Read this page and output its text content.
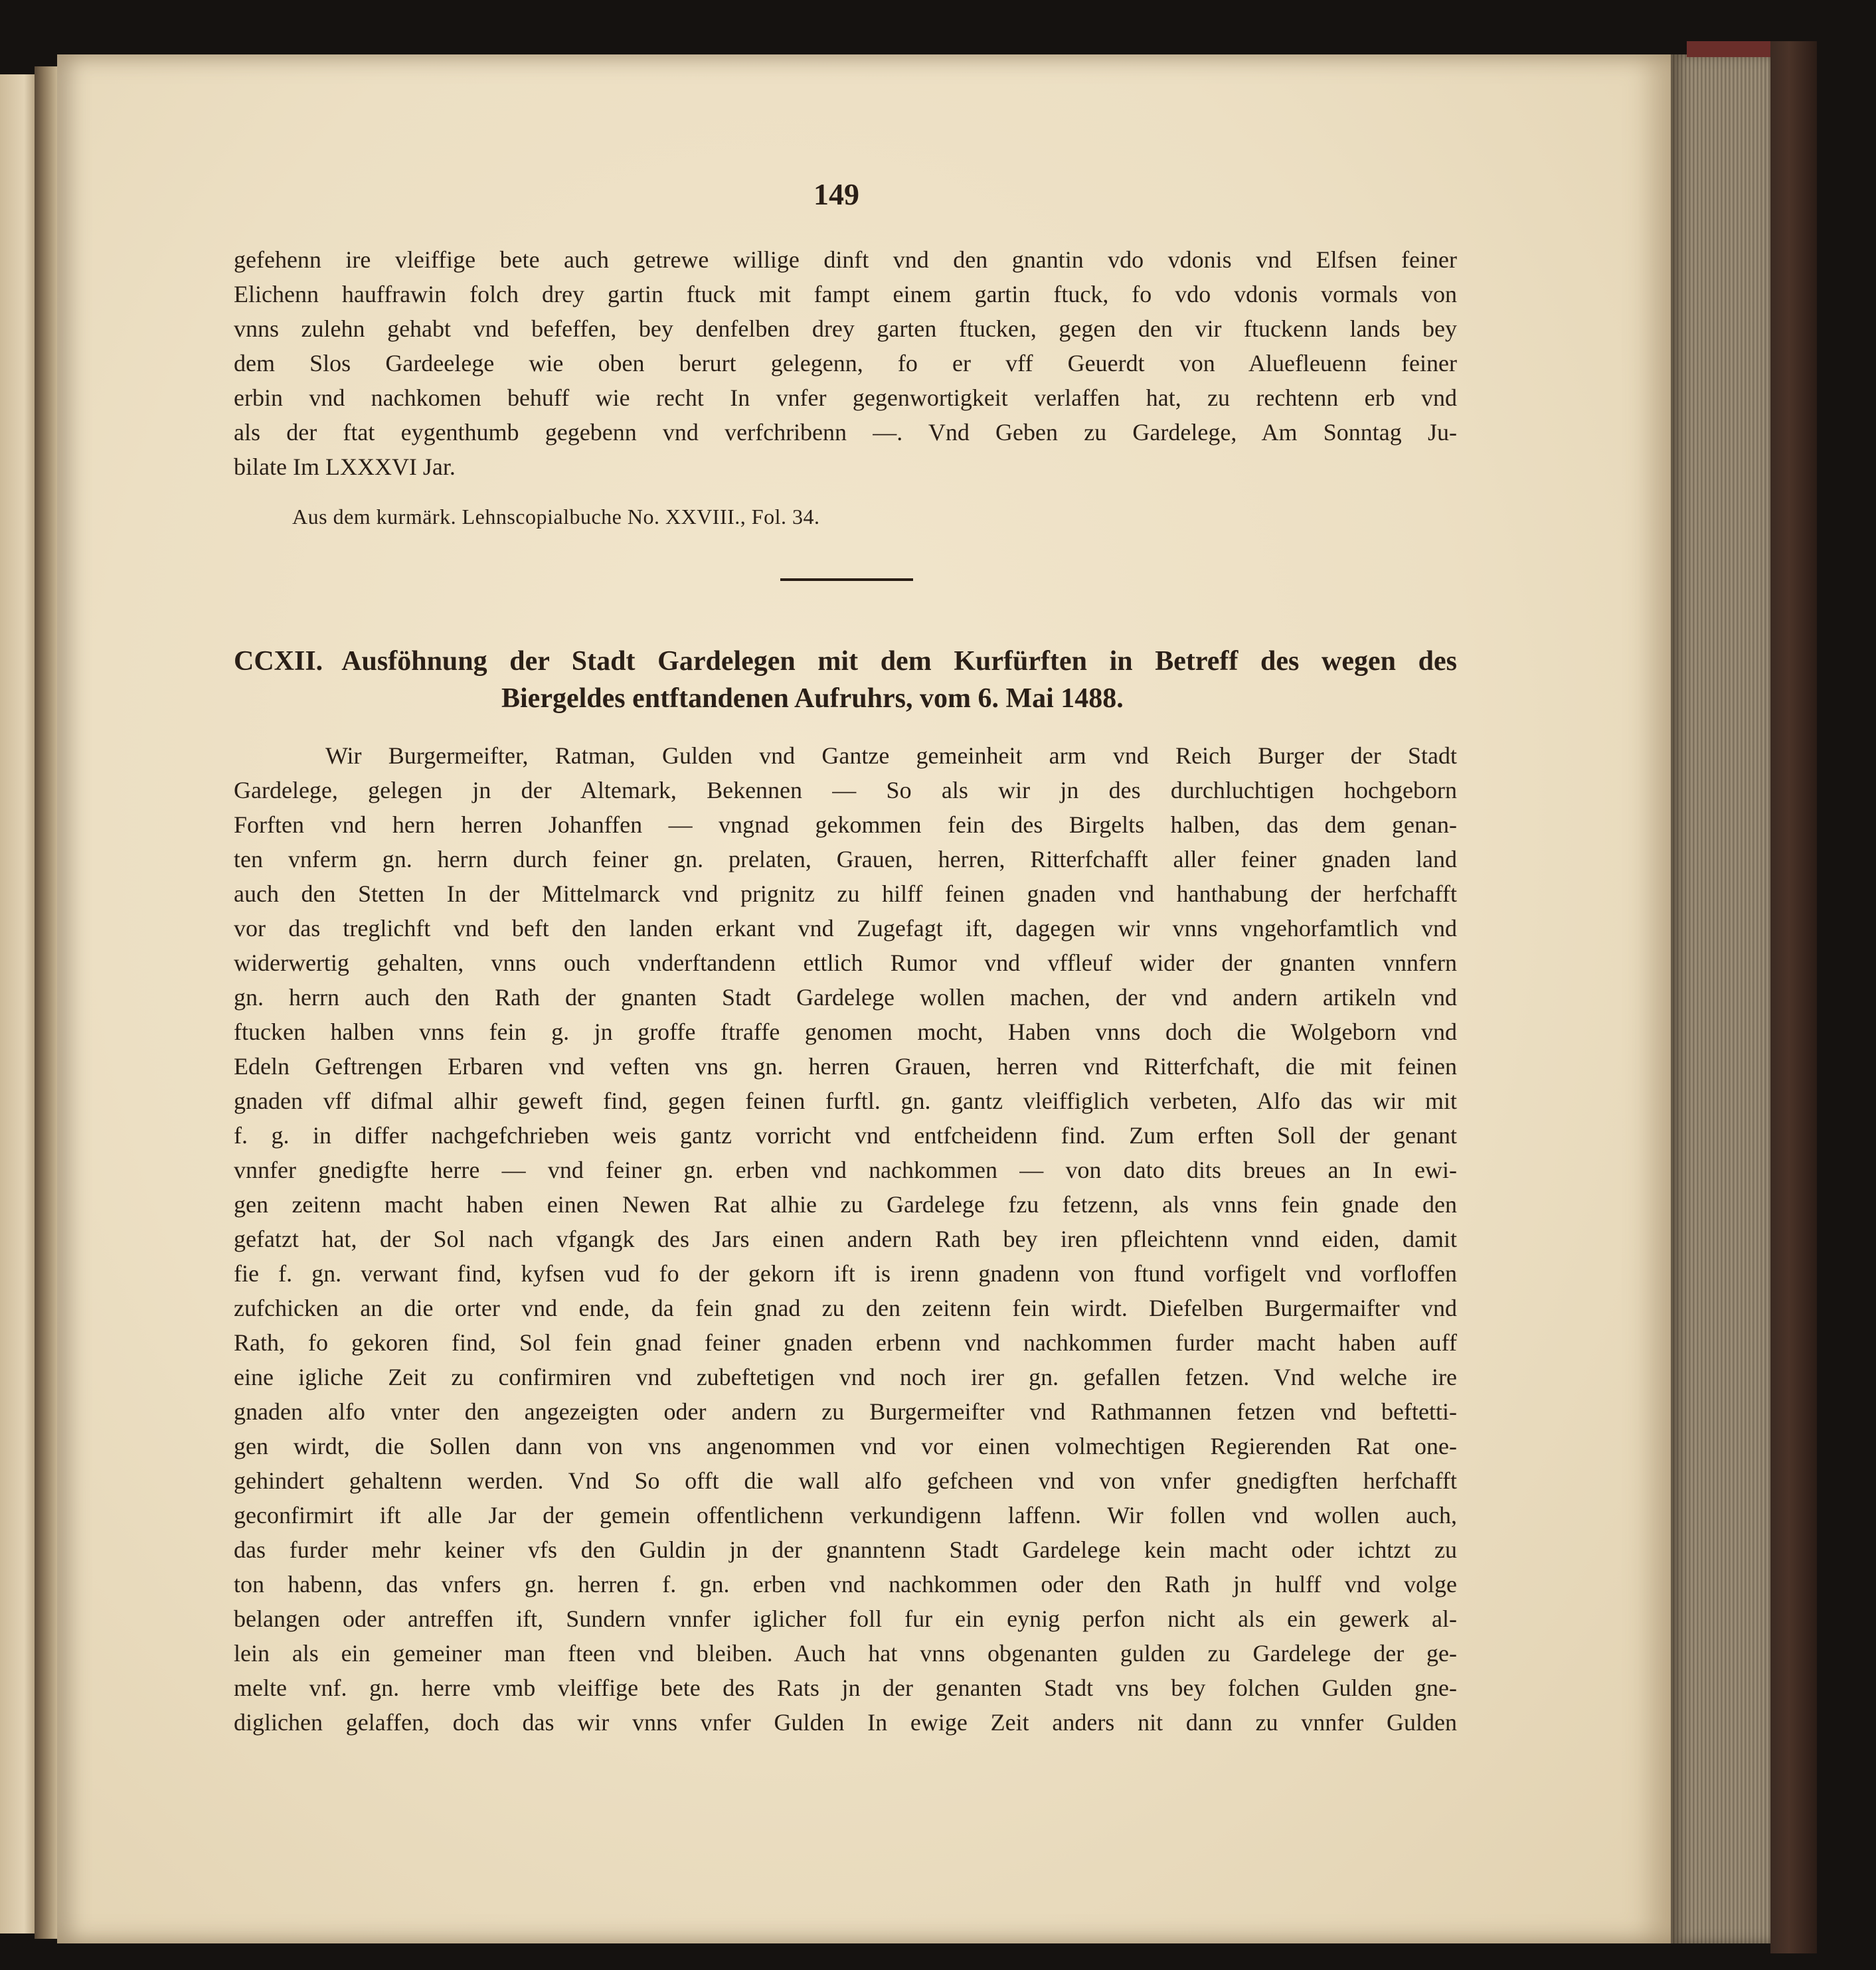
149

gefehenn ire vleiffige bete auch getrewe willige dinft vnd den gnantin vdo vdonis vnd Elfsen feiner

Elichenn hauffrawin folch drey gartin ftuck mit fampt einem gartin ftuck, fo vdo vdonis vormals von

vnns zulehn gehabt vnd befeffen, bey denfelben drey garten ftucken, gegen den vir ftuckenn lands bey

dem Slos Gardeelege wie oben berurt gelegenn, fo er vff Geuerdt von Aluefleuenn feiner

erbin vnd nachkomen behuff wie recht In vnfer gegenwortigkeit verlaffen hat, zu rechtenn erb vnd

als der ftat eygenthumb gegebenn vnd verfchribenn —. Vnd Geben zu Gardelege, Am Sonntag Ju-

bilate Im LXXXVI Jar.

Aus dem kurmärk. Lehnscopialbuche No. XXVIII., Fol. 34.

CCXII. Ausföhnung der Stadt Gardelegen mit dem Kurfürften in Betreff des wegen des

Biergeldes entftandenen Aufruhrs, vom 6. Mai 1488.

Wir Burgermeifter, Ratman, Gulden vnd Gantze gemeinheit arm vnd Reich Burger der Stadt

Gardelege, gelegen jn der Altemark, Bekennen — So als wir jn des durchluchtigen hochgeborn

Forften vnd hern herren Johanffen — vngnad gekommen fein des Birgelts halben, das dem genan-

ten vnferm gn. herrn durch feiner gn. prelaten, Grauen, herren, Ritterfchafft aller feiner gnaden land

auch den Stetten In der Mittelmarck vnd prignitz zu hilff feinen gnaden vnd hanthabung der herfchafft

vor das treglichft vnd beft den landen erkant vnd Zugefagt ift, dagegen wir vnns vngehorfamtlich vnd

widerwertig gehalten, vnns ouch vnderftandenn ettlich Rumor vnd vffleuf wider der gnanten vnnfern

gn. herrn auch den Rath der gnanten Stadt Gardelege wollen machen, der vnd andern artikeln vnd

ftucken halben vnns fein g. jn groffe ftraffe genomen mocht, Haben vnns doch die Wolgeborn vnd

Edeln Geftrengen Erbaren vnd veften vns gn. herren Grauen, herren vnd Ritterfchaft, die mit feinen

gnaden vff difmal alhir geweft find, gegen feinen furftl. gn. gantz vleiffiglich verbeten, Alfo das wir mit

f. g. in differ nachgefchrieben weis gantz vorricht vnd entfcheidenn find. Zum erften Soll der genant

vnnfer gnedigfte herre — vnd feiner gn. erben vnd nachkommen — von dato dits breues an In ewi-

gen zeitenn macht haben einen Newen Rat alhie zu Gardelege fzu fetzenn, als vnns fein gnade den

gefatzt hat, der Sol nach vfgangk des Jars einen andern Rath bey iren pfleichtenn vnnd eiden, damit

fie f. gn. verwant find, kyfsen vud fo der gekorn ift is irenn gnadenn von ftund vorfigelt vnd vorfloffen

zufchicken an die orter vnd ende, da fein gnad zu den zeitenn fein wirdt. Diefelben Burgermaifter vnd

Rath, fo gekoren find, Sol fein gnad feiner gnaden erbenn vnd nachkommen furder macht haben auff

eine igliche Zeit zu confirmiren vnd zubeftetigen vnd noch irer gn. gefallen fetzen. Vnd welche ire

gnaden alfo vnter den angezeigten oder andern zu Burgermeifter vnd Rathmannen fetzen vnd beftetti-

gen wirdt, die Sollen dann von vns angenommen vnd vor einen volmechtigen Regierenden Rat one-

gehindert gehaltenn werden. Vnd So offt die wall alfo gefcheen vnd von vnfer gnedigften herfchafft

geconfirmirt ift alle Jar der gemein offentlichenn verkundigenn laffenn. Wir follen vnd wollen auch,

das furder mehr keiner vfs den Guldin jn der gnanntenn Stadt Gardelege kein macht oder ichtzt zu

ton habenn, das vnfers gn. herren f. gn. erben vnd nachkommen oder den Rath jn hulff vnd volge

belangen oder antreffen ift, Sundern vnnfer iglicher foll fur ein eynig perfon nicht als ein gewerk al-

lein als ein gemeiner man fteen vnd bleiben. Auch hat vnns obgenanten gulden zu Gardelege der ge-

melte vnf. gn. herre vmb vleiffige bete des Rats jn der genanten Stadt vns bey folchen Gulden gne-

diglichen gelaffen, doch das wir vnns vnfer Gulden In ewige Zeit anders nit dann zu vnnfer Gulden
